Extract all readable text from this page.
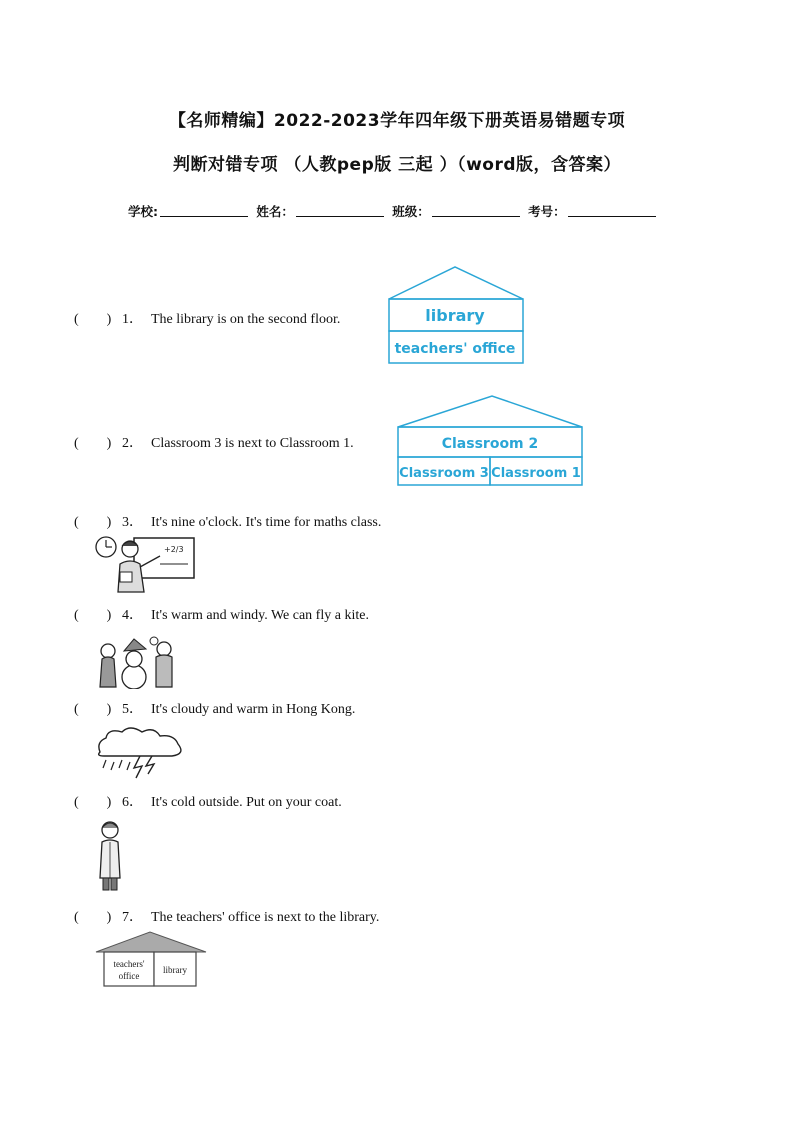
【名师精编】2022-2023学年四年级下册英语易错题专项
判断对错专项 （人教pep版 三起 ）（word版，含答案）
学校:	姓名：	班级：	考号：
(　　) 1． The library is on the second floor.	library
teachers' office
(　　) 2． Classroom 3 is next to Classroom 1.	Classroom 2
Classroom 3 Classroom 1
(　　) 3． It's nine o'clock. It's time for maths class.
+2/3
(　　) 4． It's warm and windy. We can fly a kite.
(　　) 5． It's cloudy and warm in Hong Kong.
(　　) 6． It's cold outside. Put on your coat.
(　　) 7． The teachers' office is next to the library.
teachers'
office
library
